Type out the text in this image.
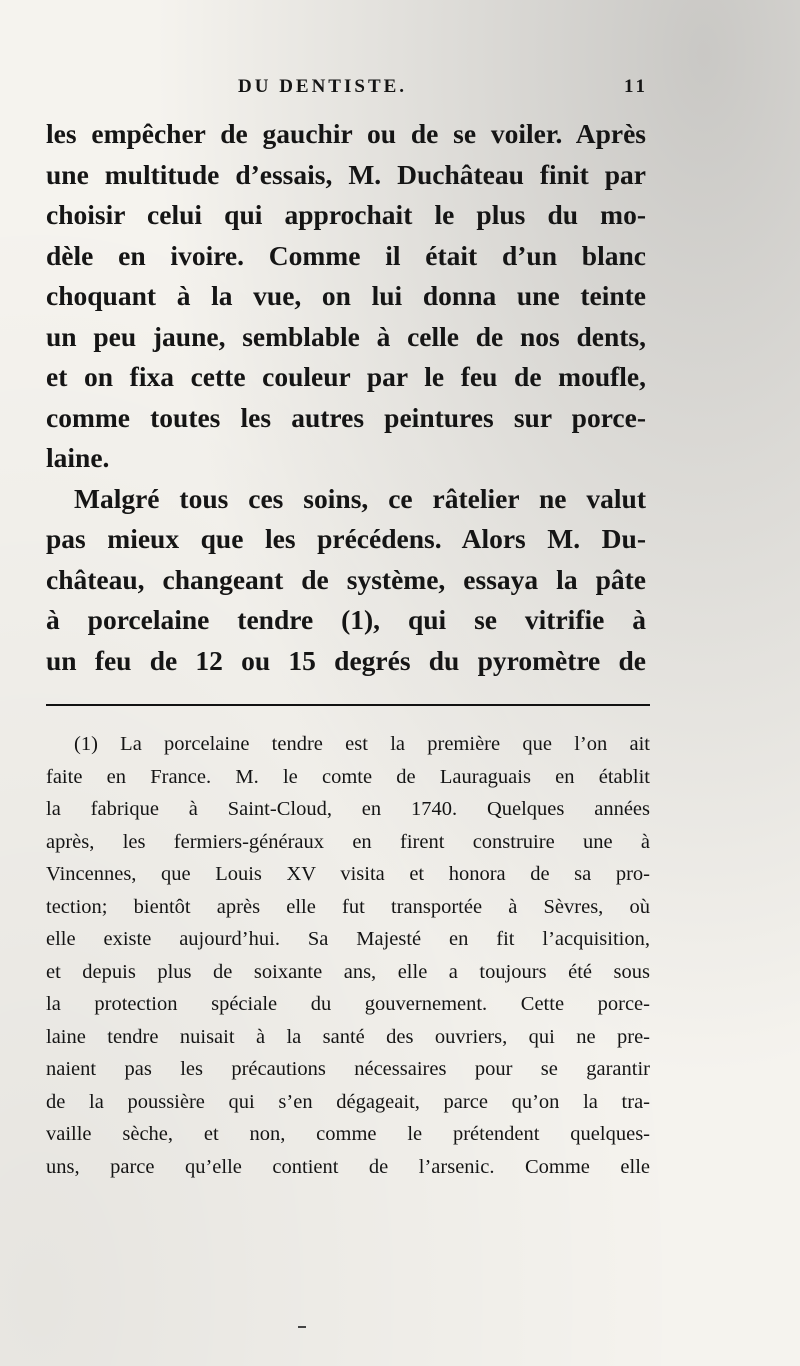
DU DENTISTE.	11
les empêcher de gauchir ou de se voiler. Après
une multitude d’essais, M. Duchâteau finit par
choisir celui qui approchait le plus du mo-
dèle en ivoire. Comme il était d’un blanc
choquant à la vue, on lui donna une teinte
un peu jaune, semblable à celle de nos dents,
et on fixa cette couleur par le feu de moufle,
comme toutes les autres peintures sur porce-
laine.
Malgré tous ces soins, ce râtelier ne valut
pas mieux que les précédens. Alors M. Du-
château, changeant de système, essaya la pâte
à porcelaine tendre (1), qui se vitrifie à
un feu de 12 ou 15 degrés du pyromètre de
(1) La porcelaine tendre est la première que l’on ait
faite en France. M. le comte de Lauraguais en établit
la fabrique à Saint-Cloud, en 1740. Quelques années
après, les fermiers-généraux en firent construire une à
Vincennes, que Louis XV visita et honora de sa pro-
tection; bientôt après elle fut transportée à Sèvres, où
elle existe aujourd’hui. Sa Majesté en fit l’acquisition,
et depuis plus de soixante ans, elle a toujours été sous
la protection spéciale du gouvernement. Cette porce-
laine tendre nuisait à la santé des ouvriers, qui ne pre-
naient pas les précautions nécessaires pour se garantir
de la poussière qui s’en dégageait, parce qu’on la tra-
vaille sèche, et non, comme le prétendent quelques-
uns, parce qu’elle contient de l’arsenic. Comme elle
